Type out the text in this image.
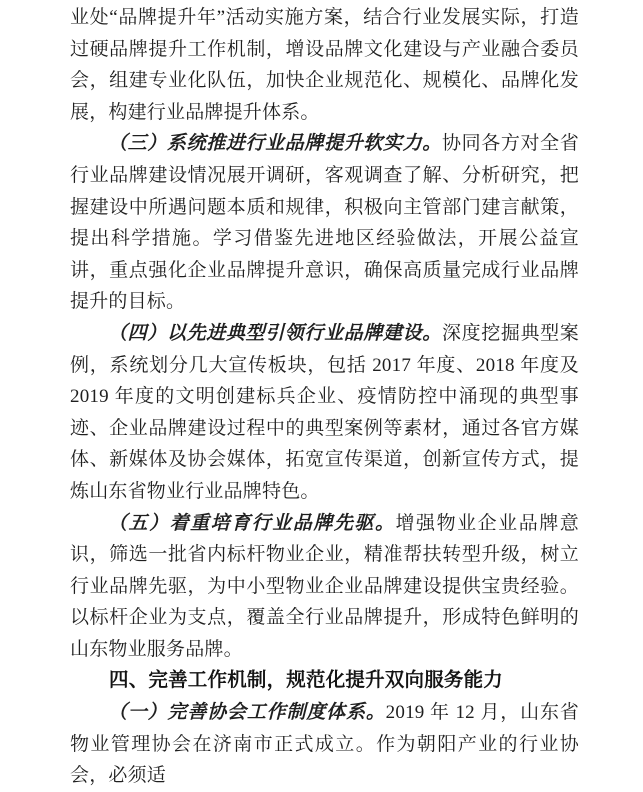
业处“品牌提升年”活动实施方案，结合行业发展实际，打造过硬品牌提升工作机制，增设品牌文化建设与产业融合委员会，组建专业化队伍，加快企业规范化、规模化、品牌化发展，构建行业品牌提升体系。

（三）系统推进行业品牌提升软实力。协同各方对全省行业品牌建设情况展开调研，客观调查了解、分析研究，把握建设中所遇问题本质和规律，积极向主管部门建言献策，提出科学措施。学习借鉴先进地区经验做法，开展公益宣讲，重点强化企业品牌提升意识，确保高质量完成行业品牌提升的目标。

（四）以先进典型引领行业品牌建设。深度挖掘典型案例，系统划分几大宣传板块，包括 2017 年度、2018 年度及 2019 年度的文明创建标兵企业、疫情防控中涌现的典型事迹、企业品牌建设过程中的典型案例等素材，通过各官方媒体、新媒体及协会媒体，拓宽宣传渠道，创新宣传方式，提炼山东省物业行业品牌特色。

（五）着重培育行业品牌先驱。增强物业企业品牌意识，筛选一批省内标杆物业企业，精准帮扶转型升级，树立行业品牌先驱，为中小型物业企业品牌建设提供宝贵经验。以标杆企业为支点，覆盖全行业品牌提升，形成特色鲜明的山东物业服务品牌。

四、完善工作机制，规范化提升双向服务能力

（一）完善协会工作制度体系。2019 年 12 月，山东省物业管理协会在济南市正式成立。作为朝阳产业的行业协会，必须适
